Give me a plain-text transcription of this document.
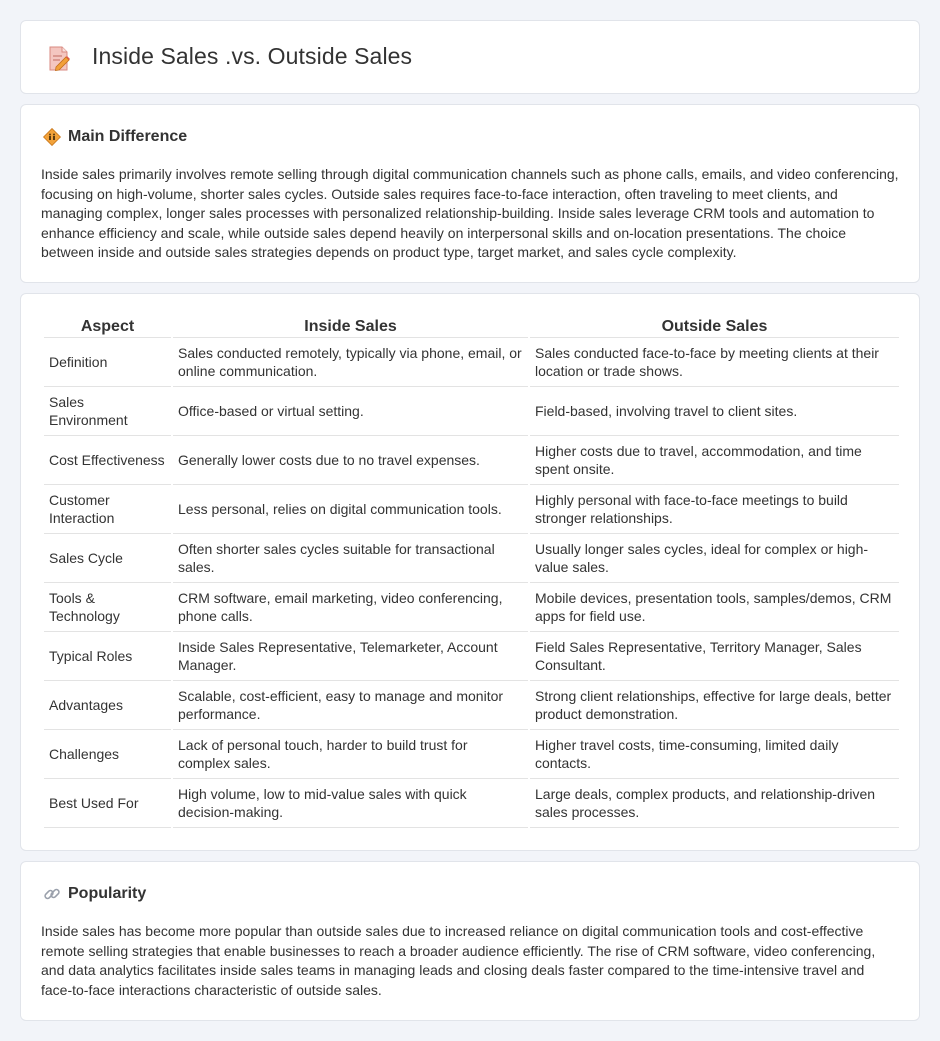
Inside Sales .vs. Outside Sales
Main Difference

Inside sales primarily involves remote selling through digital communication channels such as phone calls, emails, and video conferencing, focusing on high-volume, shorter sales cycles. Outside sales requires face-to-face interaction, often traveling to meet clients, and managing complex, longer sales processes with personalized relationship-building. Inside sales leverage CRM tools and automation to enhance efficiency and scale, while outside sales depend heavily on interpersonal skills and on-location presentations. The choice between inside and outside sales strategies depends on product type, target market, and sales cycle complexity.

Aspect	Inside Sales	Outside Sales
Definition	Sales conducted remotely, typically via phone, email, or online communication.	Sales conducted face-to-face by meeting clients at their location or trade shows.
Sales Environment	Office-based or virtual setting.	Field-based, involving travel to client sites.
Cost Effectiveness	Generally lower costs due to no travel expenses.	Higher costs due to travel, accommodation, and time spent onsite.
Customer Interaction	Less personal, relies on digital communication tools.	Highly personal with face-to-face meetings to build stronger relationships.
Sales Cycle	Often shorter sales cycles suitable for transactional sales.	Usually longer sales cycles, ideal for complex or high-value sales.
Tools & Technology	CRM software, email marketing, video conferencing, phone calls.	Mobile devices, presentation tools, samples/demos, CRM apps for field use.
Typical Roles	Inside Sales Representative, Telemarketer, Account Manager.	Field Sales Representative, Territory Manager, Sales Consultant.
Advantages	Scalable, cost-efficient, easy to manage and monitor performance.	Strong client relationships, effective for large deals, better product demonstration.
Challenges	Lack of personal touch, harder to build trust for complex sales.	Higher travel costs, time-consuming, limited daily contacts.
Best Used For	High volume, low to mid-value sales with quick decision-making.	Large deals, complex products, and relationship-driven sales processes.
Popularity

Inside sales has become more popular than outside sales due to increased reliance on digital communication tools and cost-effective remote selling strategies that enable businesses to reach a broader audience efficiently. The rise of CRM software, video conferencing, and data analytics facilitates inside sales teams in managing leads and closing deals faster compared to the time-intensive travel and face-to-face interactions characteristic of outside sales.
